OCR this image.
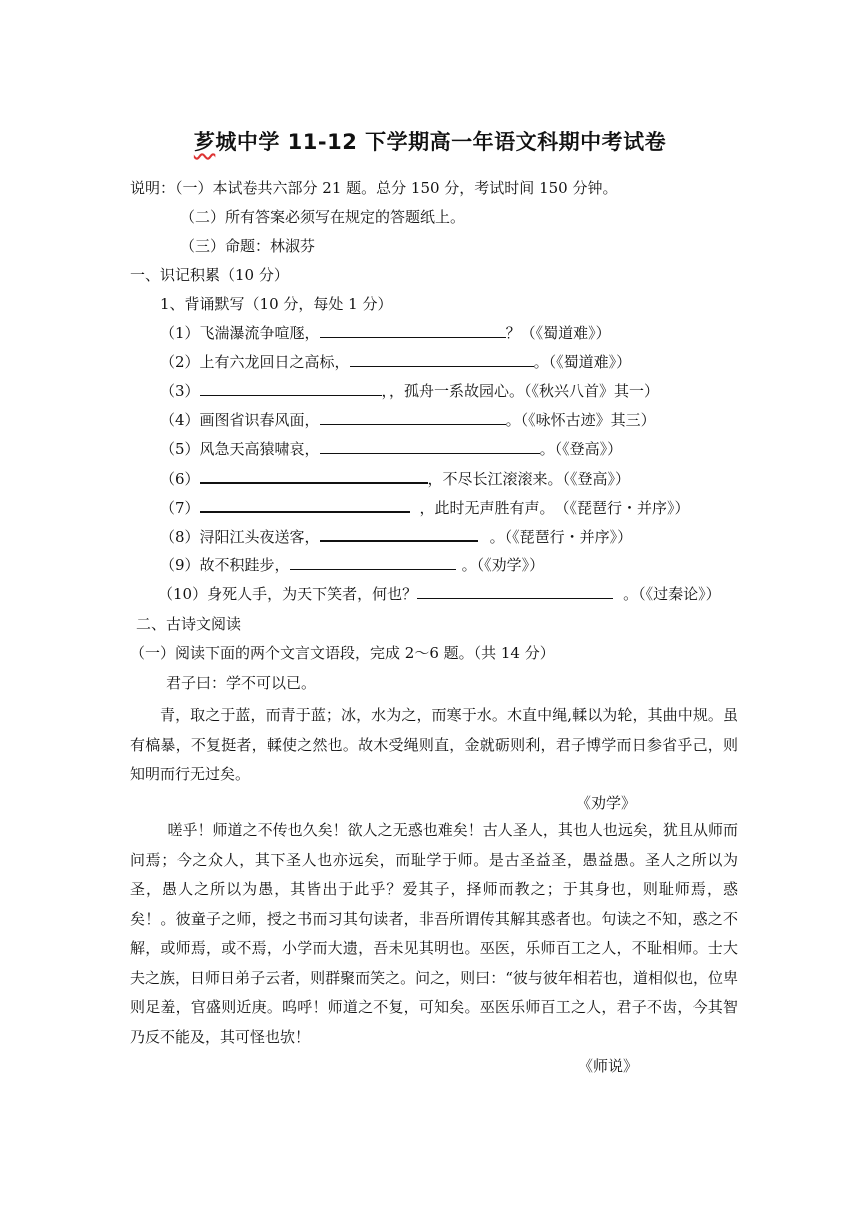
芗城中学 11-12 下学期高一年语文科期中考试卷
说明：（一）本试卷共六部分 21 题。总分 150 分，考试时间 150 分钟。
（二）所有答案必须写在规定的答题纸上。
（三）命题：林淑芬
一、识记积累（10 分）
1、背诵默写（10 分，每处 1 分）
（1）飞湍瀑流争喧豗，	？（《蜀道难》）
（2）上有六龙回日之高标，	。（《蜀道难》）
（3）	，，孤舟一系故园心。（《秋兴八首》其一）
（4）画图省识春风面，	。（《咏怀古迹》其三）
（5）风急天高猿啸哀，	。（《登高》）
（6）	，不尽长江滚滚来。（《登高》）
（7）	，此时无声胜有声。　（《琵琶行・并序》）
（8）浔阳江头夜送客，	。（《琵琶行・并序》）
（9）故不积跬步，	。（《劝学》）
（10）身死人手，为天下笑者，何也？	。（《过秦论》）
二、古诗文阅读
（一）阅读下面的两个文言文语段，完成 2～6 题。（共 14 分）
君子曰：学不可以已。
青，取之于蓝，而青于蓝；冰，水为之，而寒于水。木直中绳,輮以为轮，其曲中规。虽有槁暴，不复挺者，輮使之然也。故木受绳则直，金就砺则利，君子博学而日参省乎己，则知明而行无过矣。
《劝学》
嗟乎！师道之不传也久矣！欲人之无惑也难矣！古人圣人，其也人也远矣，犹且从师而问焉；今之众人，其下圣人也亦远矣，而耻学于师。是古圣益圣，愚益愚。圣人之所以为圣，愚人之所以为愚，其皆出于此乎？爱其子，择师而教之；于其身也，则耻师焉，惑矣！。彼童子之师，授之书而习其句读者，非吾所谓传其解其惑者也。句读之不知，惑之不解，或师焉，或不焉，小学而大遗，吾未见其明也。巫医，乐师百工之人，不耻相师。士大夫之族，日师日弟子云者，则群聚而笑之。问之，则曰：“彼与彼年相若也，道相似也，位卑则足羞，官盛则近庚。呜呼！师道之不复，可知矣。巫医乐师百工之人，君子不齿，今其智乃反不能及，其可怪也欤！
《师说》
